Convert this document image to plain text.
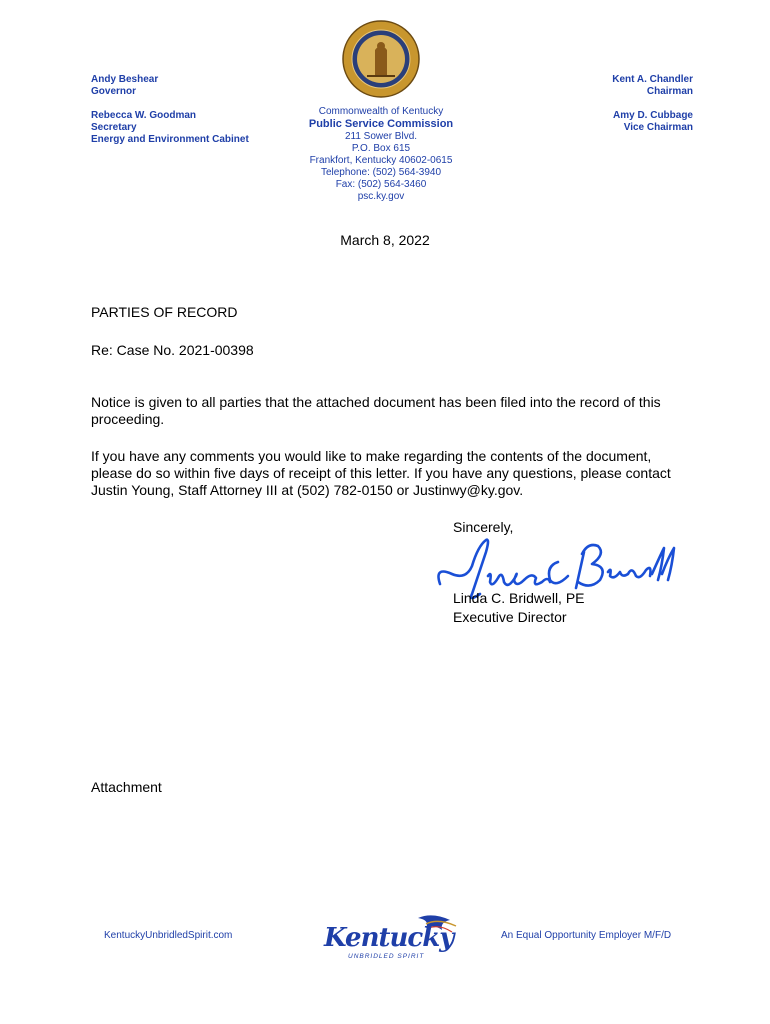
Andy Beshear
Governor
Rebecca W. Goodman
Secretary
Energy and Environment Cabinet
Kent A. Chandler
Chairman
Amy D. Cubbage
Vice Chairman
Commonwealth of Kentucky
Public Service Commission
211 Sower Blvd.
P.O. Box 615
Frankfort, Kentucky 40602-0615
Telephone: (502) 564-3940
Fax: (502) 564-3460
psc.ky.gov
March 8, 2022
PARTIES OF RECORD
Re: Case No. 2021-00398
Notice is given to all parties that the attached document has been filed into the record of this proceeding.
If you have any comments you would like to make regarding the contents of the document, please do so within five days of receipt of this letter. If you have any questions, please contact Justin Young, Staff Attorney III at (502) 782-0150 or Justinwy@ky.gov.
Sincerely,
Linda C. Bridwell, PE
Executive Director
Attachment
KentuckyUnbridledSpirit.com	Kentucky
UNBRIDLED SPIRIT
An Equal Opportunity Employer M/F/D
